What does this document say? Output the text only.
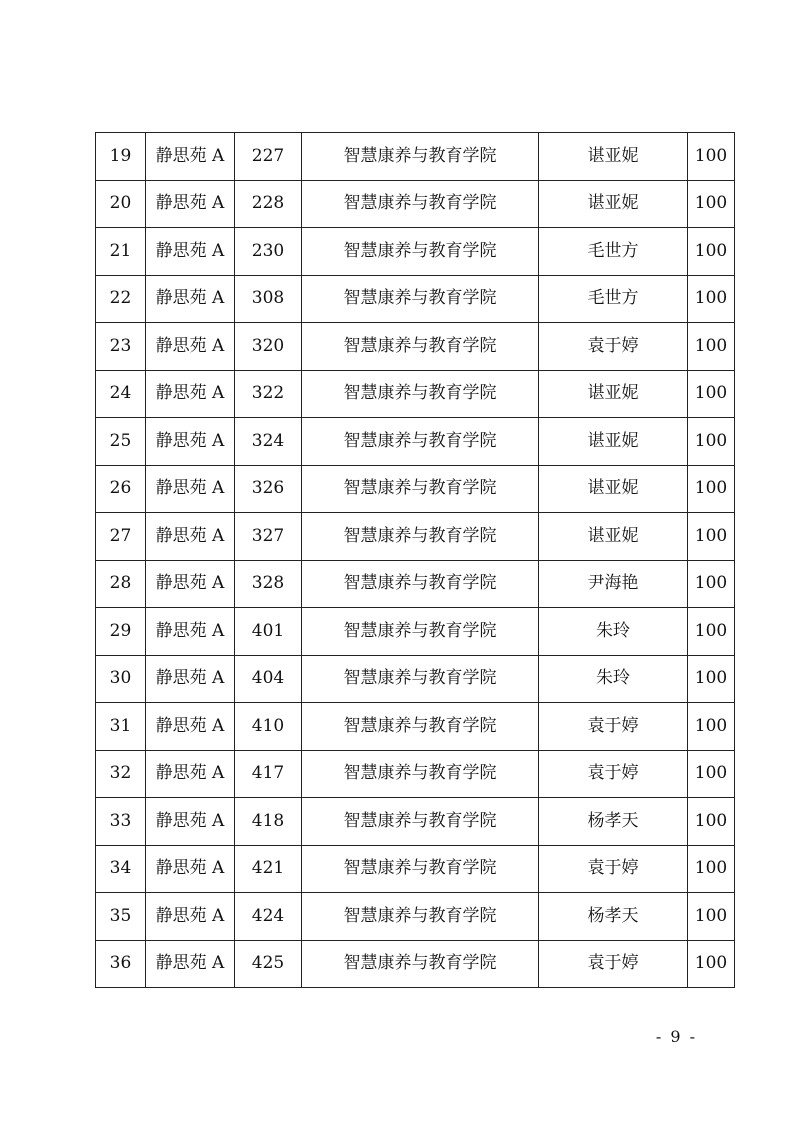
19	静思苑 A	227	智慧康养与教育学院	谌亚妮	100
20	静思苑 A	228	智慧康养与教育学院	谌亚妮	100
21	静思苑 A	230	智慧康养与教育学院	毛世方	100
22	静思苑 A	308	智慧康养与教育学院	毛世方	100
23	静思苑 A	320	智慧康养与教育学院	袁于婷	100
24	静思苑 A	322	智慧康养与教育学院	谌亚妮	100
25	静思苑 A	324	智慧康养与教育学院	谌亚妮	100
26	静思苑 A	326	智慧康养与教育学院	谌亚妮	100
27	静思苑 A	327	智慧康养与教育学院	谌亚妮	100
28	静思苑 A	328	智慧康养与教育学院	尹海艳	100
29	静思苑 A	401	智慧康养与教育学院	朱玲	100
30	静思苑 A	404	智慧康养与教育学院	朱玲	100
31	静思苑 A	410	智慧康养与教育学院	袁于婷	100
32	静思苑 A	417	智慧康养与教育学院	袁于婷	100
33	静思苑 A	418	智慧康养与教育学院	杨孝天	100
34	静思苑 A	421	智慧康养与教育学院	袁于婷	100
35	静思苑 A	424	智慧康养与教育学院	杨孝天	100
36	静思苑 A	425	智慧康养与教育学院	袁于婷	100
- 9 -
